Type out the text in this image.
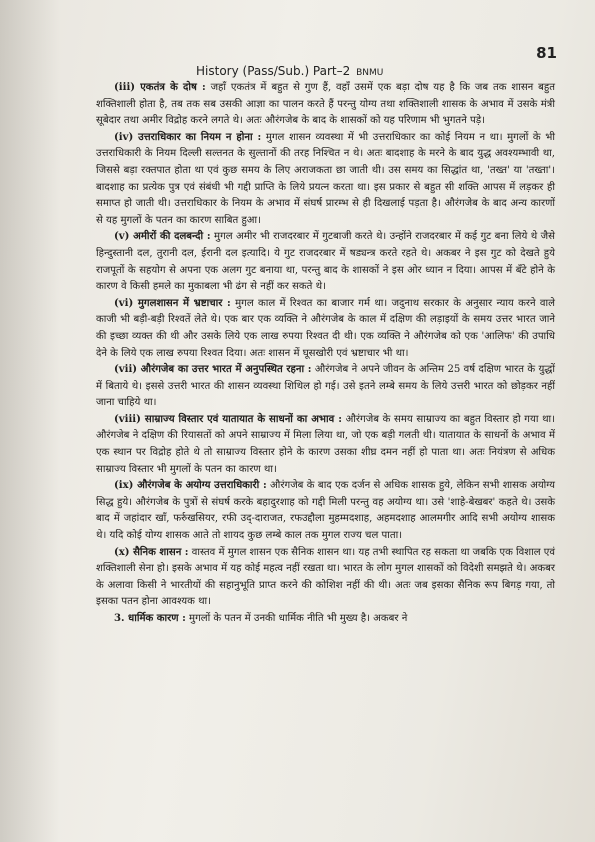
81
History (Pass/Sub.) Part–2 BNMU

(iii) एकतंत्र के दोष : जहाँ एकतंत्र में बहुत से गुण हैं, वहाँ उसमें एक बड़ा दोष यह है कि जब तक शासन बहुत शक्तिशाली होता है, तब तक सब उसकी आज्ञा का पालन करते हैं परन्तु योग्य तथा शक्तिशाली शासक के अभाव में उसके मंत्री सूबेदार तथा अमीर विद्रोह करने लगते थे। अतः औरंगजेब के बाद के शासकों को यह परिणाम भी भुगतने पड़े।

(iv) उत्तराधिकार का नियम न होना : मुगल शासन व्यवस्था में भी उत्तराधिकार का कोई नियम न था। मुगलों के भी उत्तराधिकारी के नियम दिल्ली सल्तनत के सुल्तानों की तरह निश्चित न थे। अतः बादशाह के मरने के बाद युद्ध अवश्यम्भावी था, जिससे बड़ा रक्तपात होता था एवं कुछ समय के लिए अराजकता छा जाती थी। उस समय का सिद्धांत था, 'तख्त' या 'तख्ता'। बादशाह का प्रत्येक पुत्र एवं संबंधी भी गद्दी प्राप्ति के लिये प्रयत्न करता था। इस प्रकार से बहुत सी शक्ति आपस में लड़कर ही समाप्त हो जाती थी। उत्तराधिकार के नियम के अभाव में संघर्ष प्रारम्भ से ही दिखलाई पड़ता है। औरंगजेब के बाद अन्य कारणों से यह मुगलों के पतन का कारण साबित हुआ।

(v) अमीरों की दलबन्दी : मुगल अमीर भी राजदरबार में गुटबाजी करते थे। उन्होंने राजदरबार में कई गुट बना लिये थे जैसे हिन्दुस्तानी दल, तुरानी दल, ईरानी दल इत्यादि। ये गुट राजदरबार में षड्यन्त्र करते रहते थे। अकबर ने इस गुट को देखते हुये राजपूतों के सहयोग से अपना एक अलग गुट बनाया था, परन्तु बाद के शासकों ने इस ओर ध्यान न दिया। आपस में बँटे होने के कारण वे किसी हमले का मुकाबला भी ढंग से नहीं कर सकते थे।

(vi) मुगलशासन में भ्रष्टाचार : मुगल काल में रिश्वत का बाजार गर्म था। जदुनाथ सरकार के अनुसार न्याय करने वाले काजी भी बड़ी-बड़ी रिश्वतें लेते थे। एक बार एक व्यक्ति ने औरंगजेब के काल में दक्षिण की लड़ाइयों के समय उत्तर भारत जाने की इच्छा व्यक्त की थी और उसके लिये एक लाख रुपया रिश्वत दी थी। एक व्यक्ति ने औरंगजेब को एक 'आलिफ' की उपाधि देने के लिये एक लाख रुपया रिश्वत दिया। अतः शासन में घूसखोरी एवं भ्रष्टाचार भी था।

(vii) औरंगजेब का उत्तर भारत में अनुपस्थित रहना : औरंगजेब ने अपने जीवन के अन्तिम 25 वर्ष दक्षिण भारत के युद्धों में बिताये थे। इससे उत्तरी भारत की शासन व्यवस्था शिथिल हो गई। उसे इतने लम्बे समय के लिये उत्तरी भारत को छोड़कर नहीं जाना चाहिये था।

(viii) साम्राज्य विस्तार एवं यातायात के साधनों का अभाव : औरंगजेब के समय साम्राज्य का बहुत विस्तार हो गया था। औरंगजेब ने दक्षिण की रियासतों को अपने साम्राज्य में मिला लिया था, जो एक बड़ी गलती थी। यातायात के साधनों के अभाव में एक स्थान पर विद्रोह होते थे तो साम्राज्य विस्तार होने के कारण उसका शीघ्र दमन नहीं हो पाता था। अतः नियंत्रण से अधिक साम्राज्य विस्तार भी मुगलों के पतन का कारण था।

(ix) औरंगजेब के अयोग्य उत्तराधिकारी : औरंगजेब के बाद एक दर्जन से अधिक शासक हुये, लेकिन सभी शासक अयोग्य सिद्ध हुये। औरंगजेब के पुत्रों से संघर्ष करके बहादुरशाह को गद्दी मिली परन्तु वह अयोग्य था। उसे 'शाहे-बेखबर' कहते थे। उसके बाद में जहांदार खाँ, फर्रुखसियर, रफी उद्-दाराजत, रफउद्दौला मुहम्मदशाह, अहमदशाह आलमगीर आदि सभी अयोग्य शासक थे। यदि कोई योग्य शासक आते तो शायद कुछ लम्बे काल तक मुगल राज्य चल पाता।

(x) सैनिक शासन : वास्तव में मुगल शासन एक सैनिक शासन था। यह तभी स्थापित रह सकता था जबकि एक विशाल एवं शक्तिशाली सेना हो। इसके अभाव में यह कोई महत्व नहीं रखता था। भारत के लोग मुगल शासकों को विदेशी समझते थे। अकबर के अलावा किसी ने भारतीयों की सहानुभूति प्राप्त करने की कोशिश नहीं की थी। अतः जब इसका सैनिक रूप बिगड़ गया, तो इसका पतन होना आवश्यक था।

3. धार्मिक कारण : मुगलों के पतन में उनकी धार्मिक नीति भी मुख्य है। अकबर ने
